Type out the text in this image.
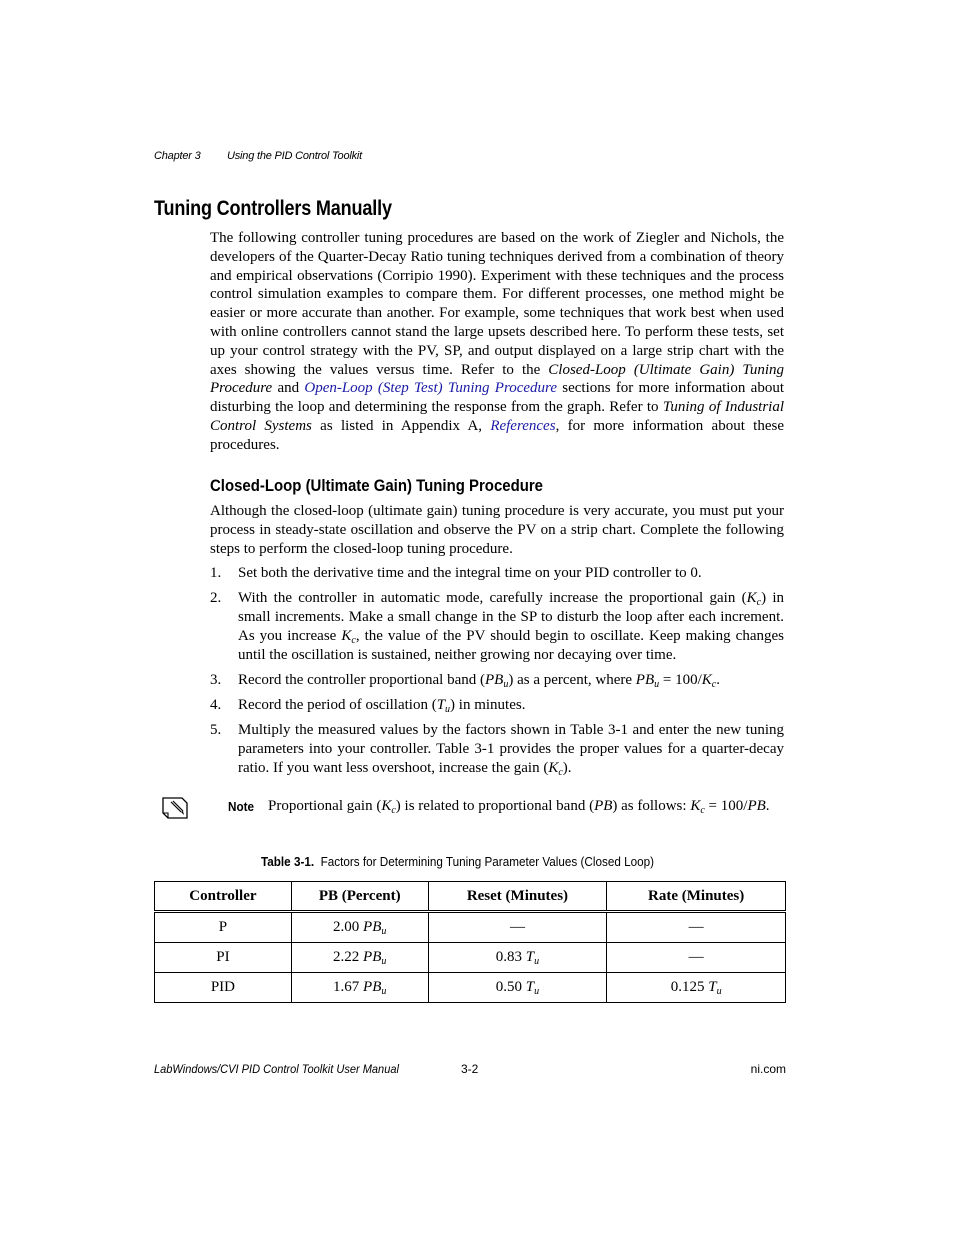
Chapter 3 Using the PID Control Toolkit
Tuning Controllers Manually

The following controller tuning procedures are based on the work of Ziegler and Nichols, the developers of the Quarter-Decay Ratio tuning techniques derived from a combination of theory and empirical observations (Corripio 1990). Experiment with these techniques and the process control simulation examples to compare them. For different processes, one method might be easier or more accurate than another. For example, some techniques that work best when used with online controllers cannot stand the large upsets described here. To perform these tests, set up your control strategy with the PV, SP, and output displayed on a large strip chart with the axes showing the values versus time. Refer to the Closed-Loop (Ultimate Gain) Tuning Procedure and Open-Loop (Step Test) Tuning Procedure sections for more information about disturbing the loop and determining the response from the graph. Refer to Tuning of Industrial Control Systems as listed in Appendix A, References, for more information about these procedures.

Closed-Loop (Ultimate Gain) Tuning Procedure

Although the closed-loop (ultimate gain) tuning procedure is very accurate, you must put your process in steady-state oscillation and observe the PV on a strip chart. Complete the following steps to perform the closed-loop tuning procedure.

1. Set both the derivative time and the integral time on your PID controller to 0.
2. With the controller in automatic mode, carefully increase the proportional gain $(K_c)$ in small increments. Make a small change in the SP to disturb the loop after each increment. As you increase $K_c$, the value of the PV should begin to oscillate. Keep making changes until the oscillation is sustained, neither growing nor decaying over time.
3. Record the controller proportional band $(PB_u)$ as a percent, where $PB_u = 100/K_c$.
4. Record the period of oscillation $(T_u)$ in minutes.
5. Multiply the measured values by the factors shown in Table 3-1 and enter the new tuning parameters into your controller. Table 3-1 provides the proper values for a quarter-decay ratio. If you want less overshoot, increase the gain $(K_c)$.
Note Proportional gain $(K_c)$ is related to proportional band (PB) as follows: $K_c = 100/PB$.
Table 3-1. Factors for Determining Tuning Parameter Values (Closed Loop)
Controller	PB (Percent)	Reset (Minutes)	Rate (Minutes)
P	2.00 $PB_u$	—	—
PI	2.22 $PB_u$	0.83 $T_u$	—
PID	1.67 $PB_u$	0.50 $T_u$	0.125 $T_u$
LabWindows/CVI PID Control Toolkit User Manual	3-2	ni.com
